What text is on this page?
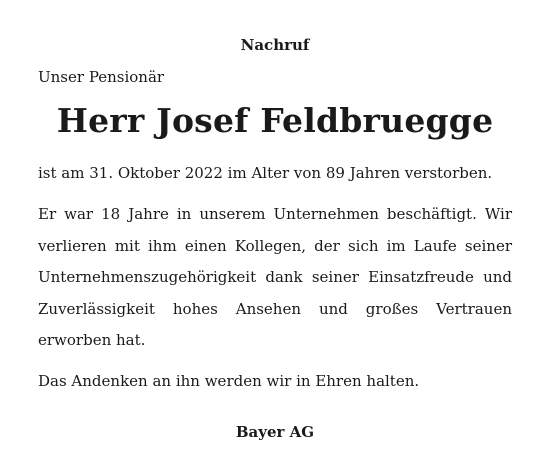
Nachruf
Unser Pensionär
Herr Josef Feldbruegge
ist am 31. Oktober 2022 im Alter von 89 Jahren verstorben.

Er war 18 Jahre in unserem Unternehmen beschäftigt. Wir verlieren mit ihm einen Kollegen, der sich im Laufe seiner Unternehmenszugehörigkeit dank seiner Einsatzfreude und Zuverlässigkeit hohes Ansehen und großes Vertrauen erworben hat.

Das Andenken an ihn werden wir in Ehren halten.
Bayer AG
